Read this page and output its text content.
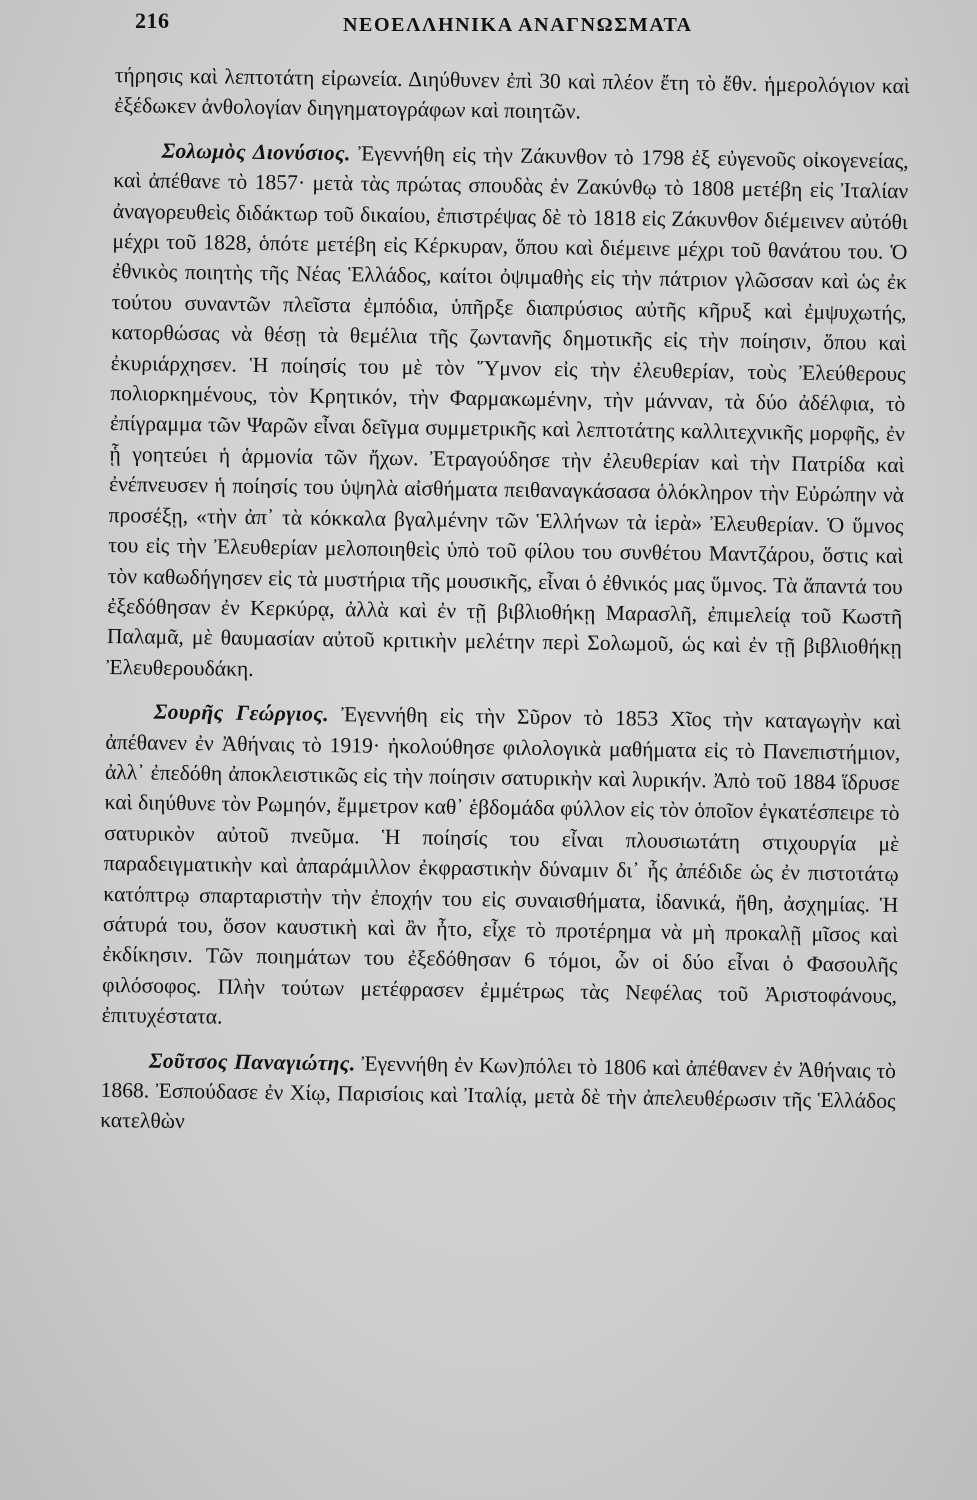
216	ΝΕΟΕΛΛΗΝΙΚΑ ΑΝΑΓΝΩΣΜΑΤΑ

τήρησις καὶ λεπτοτάτη εἰρωνεία. Διηύθυνεν ἐπὶ 30 καὶ πλέον ἔτη τὸ ἔθν. ἡμερολόγιον καὶ ἐξέδωκεν ἀνθολογίαν διηγηματογράφων καὶ ποιητῶν.

Σολωμὸς Διονύσιος. Ἐγεννήθη εἰς τὴν Ζάκυνθον τὸ 1798 ἐξ εὐγενοῦς οἰκογενείας, καὶ ἀπέθανε τὸ 1857· μετὰ τὰς πρώτας σπουδὰς ἐν Ζακύνθῳ τὸ 1808 μετέβη εἰς Ἰταλίαν ἀναγορευθεὶς διδάκτωρ τοῦ δικαίου, ἐπιστρέψας δὲ τὸ 1818 εἰς Ζάκυνθον διέμεινεν αὐτόθι μέχρι τοῦ 1828, ὁπότε μετέβη εἰς Κέρκυραν, ὅπου καὶ διέμεινε μέχρι τοῦ θανάτου του. Ὁ ἐθνικὸς ποιητὴς τῆς Νέας Ἑλλάδος, καίτοι ὀψιμαθὴς εἰς τὴν πάτριον γλῶσσαν καὶ ὡς ἐκ τούτου συναντῶν πλεῖστα ἐμπόδια, ὑπῆρξε διαπρύσιος αὐτῆς κῆρυξ καὶ ἐμψυχωτής, κατορθώσας νὰ θέσῃ τὰ θεμέλια τῆς ζωντανῆς δημοτικῆς εἰς τὴν ποίησιν, ὅπου καὶ ἐκυριάρχησεν. Ἡ ποίησίς του μὲ τὸν Ὕμνον εἰς τὴν ἐλευθερίαν, τοὺς Ἐλεύθερους πολιορκημένους, τὸν Κρητικόν, τὴν Φαρμακωμένην, τὴν μάνναν, τὰ δύο ἀδέλφια, τὸ ἐπίγραμμα τῶν Ψαρῶν εἶναι δεῖγμα συμμετρικῆς καὶ λεπτοτάτης καλλιτεχνικῆς μορφῆς, ἐν ᾗ γοητεύει ἡ ἁρμονία τῶν ἤχων. Ἐτραγούδησε τὴν ἐλευθερίαν καὶ τὴν Πατρίδα καὶ ἐνέπνευσεν ἡ ποίησίς του ὑψηλὰ αἰσθήματα πειθαναγκάσασα ὁλόκληρον τὴν Εὐρώπην νὰ προσέξῃ, «τὴν ἀπ᾽ τὰ κόκκαλα βγαλμένην τῶν Ἑλλήνων τὰ ἱερὰ» Ἐλευθερίαν. Ὁ ὕμνος του εἰς τὴν Ἐλευθερίαν μελοποιηθεὶς ὑπὸ τοῦ φίλου του συνθέτου Μαντζάρου, ὅστις καὶ τὸν καθωδήγησεν εἰς τὰ μυστήρια τῆς μουσικῆς, εἶναι ὁ ἐθνικός μας ὕμνος. Τὰ ἅπαντά του ἐξεδόθησαν ἐν Κερκύρᾳ, ἀλλὰ καὶ ἐν τῇ βιβλιοθήκῃ Μαρασλῆ, ἐπιμελείᾳ τοῦ Κωστῆ Παλαμᾶ, μὲ θαυμασίαν αὐτοῦ κριτικὴν μελέτην περὶ Σολωμοῦ, ὡς καὶ ἐν τῇ βιβλιοθήκῃ Ἐλευθερουδάκη.

Σουρῆς Γεώργιος. Ἐγεννήθη εἰς τὴν Σῦρον τὸ 1853 Χῖος τὴν καταγωγὴν καὶ ἀπέθανεν ἐν Ἀθήναις τὸ 1919· ἠκολούθησε φιλολογικὰ μαθήματα εἰς τὸ Πανεπιστήμιον, ἀλλ᾽ ἐπεδόθη ἀποκλειστικῶς εἰς τὴν ποίησιν σατυρικὴν καὶ λυρικήν. Ἀπὸ τοῦ 1884 ἵδρυσε καὶ διηύθυνε τὸν Ρωμηόν, ἔμμετρον καθ᾽ ἑβδομάδα φύλλον εἰς τὸν ὁποῖον ἐγκατέσπειρε τὸ σατυρικὸν αὐτοῦ πνεῦμα. Ἡ ποίησίς του εἶναι πλουσιωτάτη στιχουργία μὲ παραδειγματικὴν καὶ ἀπαράμιλλον ἐκφραστικὴν δύναμιν δι᾽ ἧς ἀπέδιδε ὡς ἐν πιστοτάτῳ κατόπτρῳ σπαρταριστὴν τὴν ἐποχήν του εἰς συναισθήματα, ἰδανικά, ἤθη, ἀσχημίας. Ἡ σάτυρά του, ὅσον καυστικὴ καὶ ἂν ἦτο, εἶχε τὸ προτέρημα νὰ μὴ προκαλῇ μῖσος καὶ ἐκδίκησιν. Τῶν ποιημάτων του ἐξεδόθησαν 6 τόμοι, ὧν οἱ δύο εἶναι ὁ Φασουλῆς φιλόσοφος. Πλὴν τούτων μετέφρασεν ἐμμέτρως τὰς Νεφέλας τοῦ Ἀριστοφάνους, ἐπιτυχέστατα.

Σοῦτσος Παναγιώτης. Ἐγεννήθη ἐν Κων)πόλει τὸ 1806 καὶ ἀπέθανεν ἐν Ἀθήναις τὸ 1868. Ἐσπούδασε ἐν Χίῳ, Παρισίοις καὶ Ἰταλίᾳ, μετὰ δὲ τὴν ἀπελευθέρωσιν τῆς Ἑλλάδος κατελθὼν
